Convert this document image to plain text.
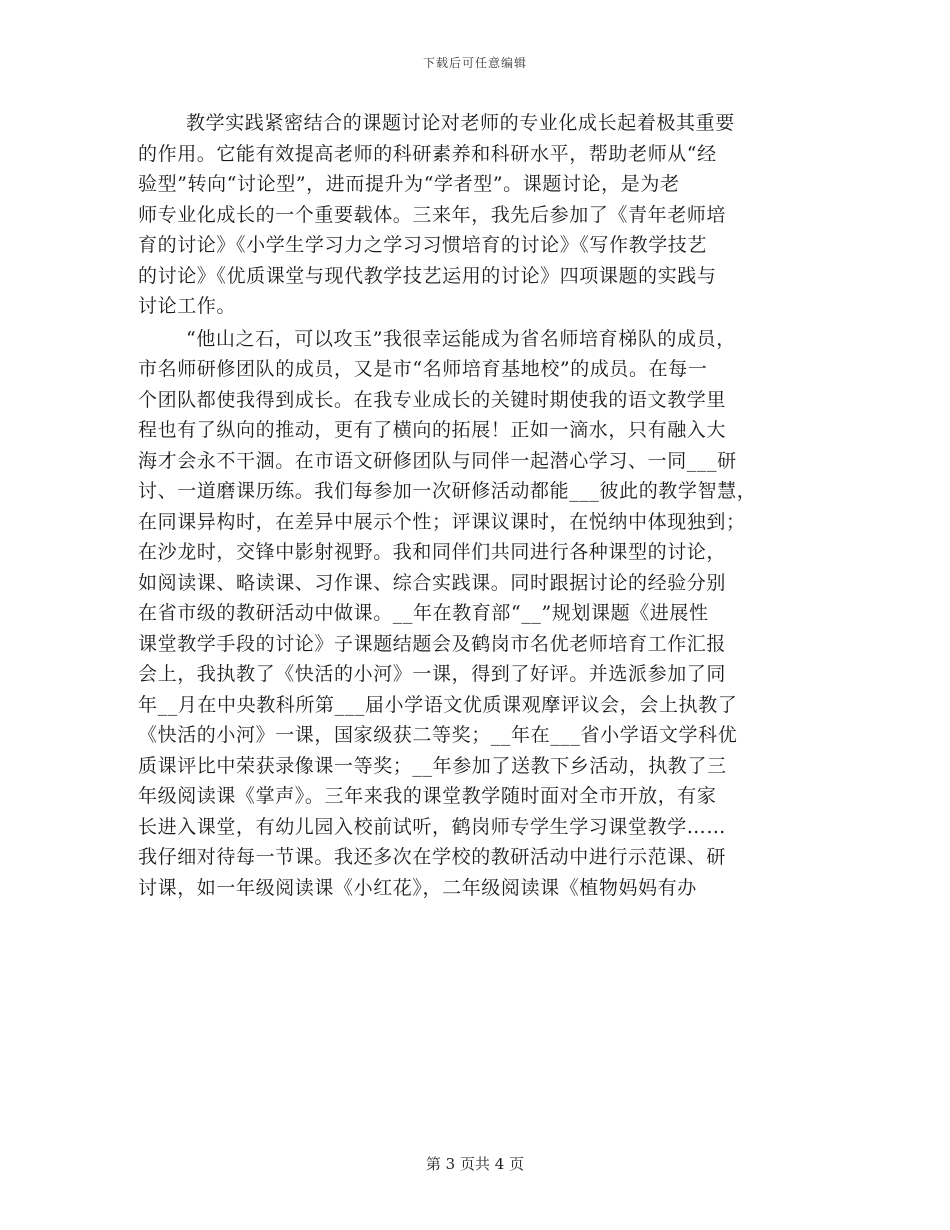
下载后可任意编辑
教学实践紧密结合的课题讨论对老师的专业化成长起着极其重要
的作用。它能有效提高老师的科研素养和科研水平，帮助老师从“经
验型”转向“讨论型”，进而提升为“学者型”。课题讨论，是为老
师专业化成长的一个重要载体。三来年，我先后参加了《青年老师培
育的讨论》《小学生学习力之学习习惯培育的讨论》《写作教学技艺
的讨论》《优质课堂与现代教学技艺运用的讨论》四项课题的实践与
讨论工作。
“他山之石，可以攻玉”我很幸运能成为省名师培育梯队的成员，
市名师研修团队的成员，又是市“名师培育基地校”的成员。在每一
个团队都使我得到成长。在我专业成长的关键时期使我的语文教学里
程也有了纵向的推动，更有了横向的拓展！正如一滴水，只有融入大
海才会永不干涸。在市语文研修团队与同伴一起潜心学习、一同___研
讨、一道磨课历练。我们每参加一次研修活动都能___彼此的教学智慧，
在同课异构时，在差异中展示个性；评课议课时，在悦纳中体现独到；
在沙龙时，交锋中影射视野。我和同伴们共同进行各种课型的讨论，
如阅读课、略读课、习作课、综合实践课。同时跟据讨论的经验分别
在省市级的教研活动中做课。__年在教育部“__”规划课题《进展性
课堂教学手段的讨论》子课题结题会及鹤岗市名优老师培育工作汇报
会上，我执教了《快活的小河》一课，得到了好评。并选派参加了同
年__月在中央教科所第___届小学语文优质课观摩评议会，会上执教了
《快活的小河》一课，国家级获二等奖；__年在___省小学语文学科优
质课评比中荣获录像课一等奖；__年参加了送教下乡活动，执教了三
年级阅读课《掌声》。三年来我的课堂教学随时面对全市开放，有家
长进入课堂，有幼儿园入校前试听，鹤岗师专学生学习课堂教学……
我仔细对待每一节课。我还多次在学校的教研活动中进行示范课、研
讨课，如一年级阅读课《小红花》，二年级阅读课《植物妈妈有办
第 3 页共 4 页
